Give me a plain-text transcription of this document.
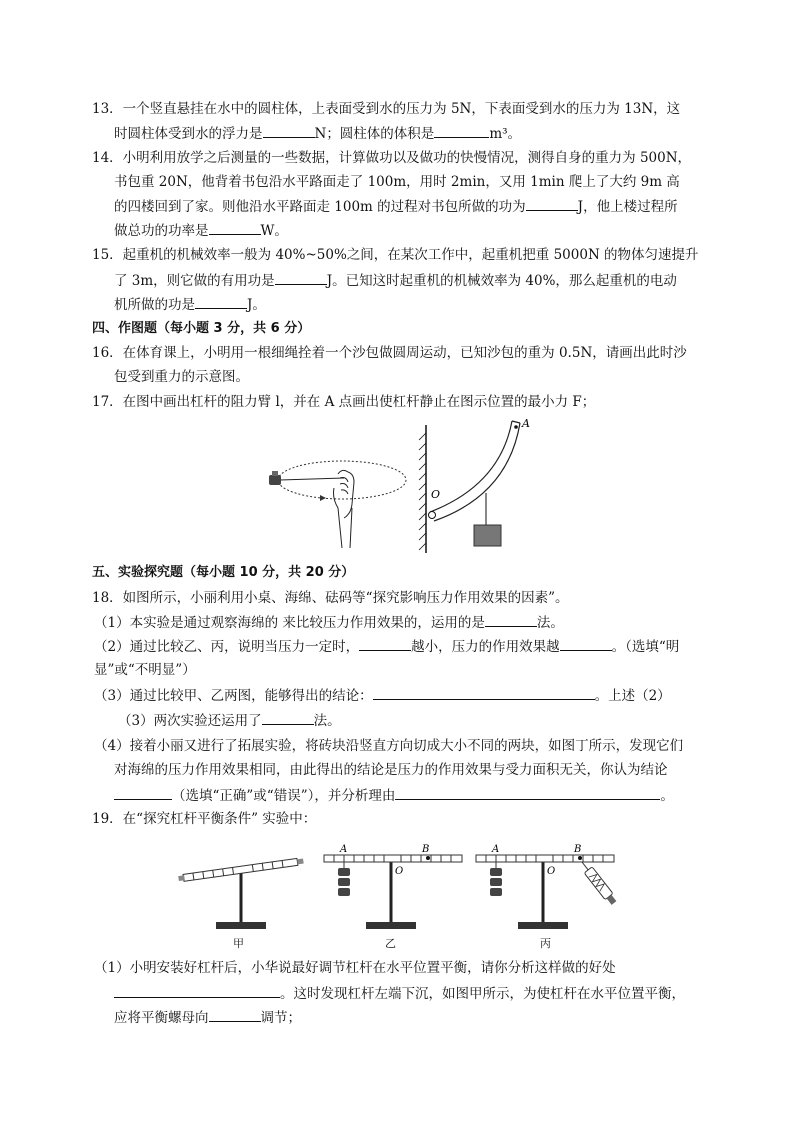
13．一个竖直悬挂在水中的圆柱体，上表面受到水的压力为 5N，下表面受到水的压力为 13N，这
时圆柱体受到水的浮力是	N；圆柱体的体积是	m³。
14．小明利用放学之后测量的一些数据，计算做功以及做功的快慢情况，测得自身的重力为 500N，
书包重 20N，他背着书包沿水平路面走了 100m，用时 2min，又用 1min 爬上了大约 9m 高
的四楼回到了家。则他沿水平路面走 100m 的过程对书包所做的功为	J，他上楼过程所
做总功的功率是	W。
15．起重机的机械效率一般为 40%~50%之间，在某次工作中，起重机把重 5000N 的物体匀速提升
了 3m，则它做的有用功是	J。已知这时起重机的机械效率为 40%，那么起重机的电动
机所做的功是	J。
四、作图题（每小题 3 分，共 6 分）
16．在体育课上，小明用一根细绳拴着一个沙包做圆周运动，已知沙包的重为 0.5N，请画出此时沙
包受到重力的示意图。
17．在图中画出杠杆的阻力臂 l，并在 A 点画出使杠杆静止在图示位置的最小力 F；
A
O
五、实验探究题（每小题 10 分，共 20 分）
18．如图所示，小丽利用小桌、海绵、砝码等“探究影响压力作用效果的因素”。
（1）本实验是通过观察海绵的 来比较压力作用效果的，运用的是	法。
（2）通过比较乙、丙，说明当压力一定时，	越小，压力的作用效果越	。（选填“明
显”或“不明显”）
（3）通过比较甲、乙两图，能够得出的结论：	。上述（2）
（3）两次实验还运用了	法。
（4）接着小丽又进行了拓展实验，将砖块沿竖直方向切成大小不同的两块，如图丁所示，发现它们
对海绵的压力作用效果相同，由此得出的结论是压力的作用效果与受力面积无关，你认为结论
（选填“正确”或“错误”），并分析理由	。
19．在“探究杠杆平衡条件” 实验中：
甲
A	B
O
乙
A	B
O
丙
（1）小明安装好杠杆后，小华说最好调节杠杆在水平位置平衡，请你分析这样做的好处
。这时发现杠杆左端下沉，如图甲所示，为使杠杆在水平位置平衡，
应将平衡螺母向	调节；
